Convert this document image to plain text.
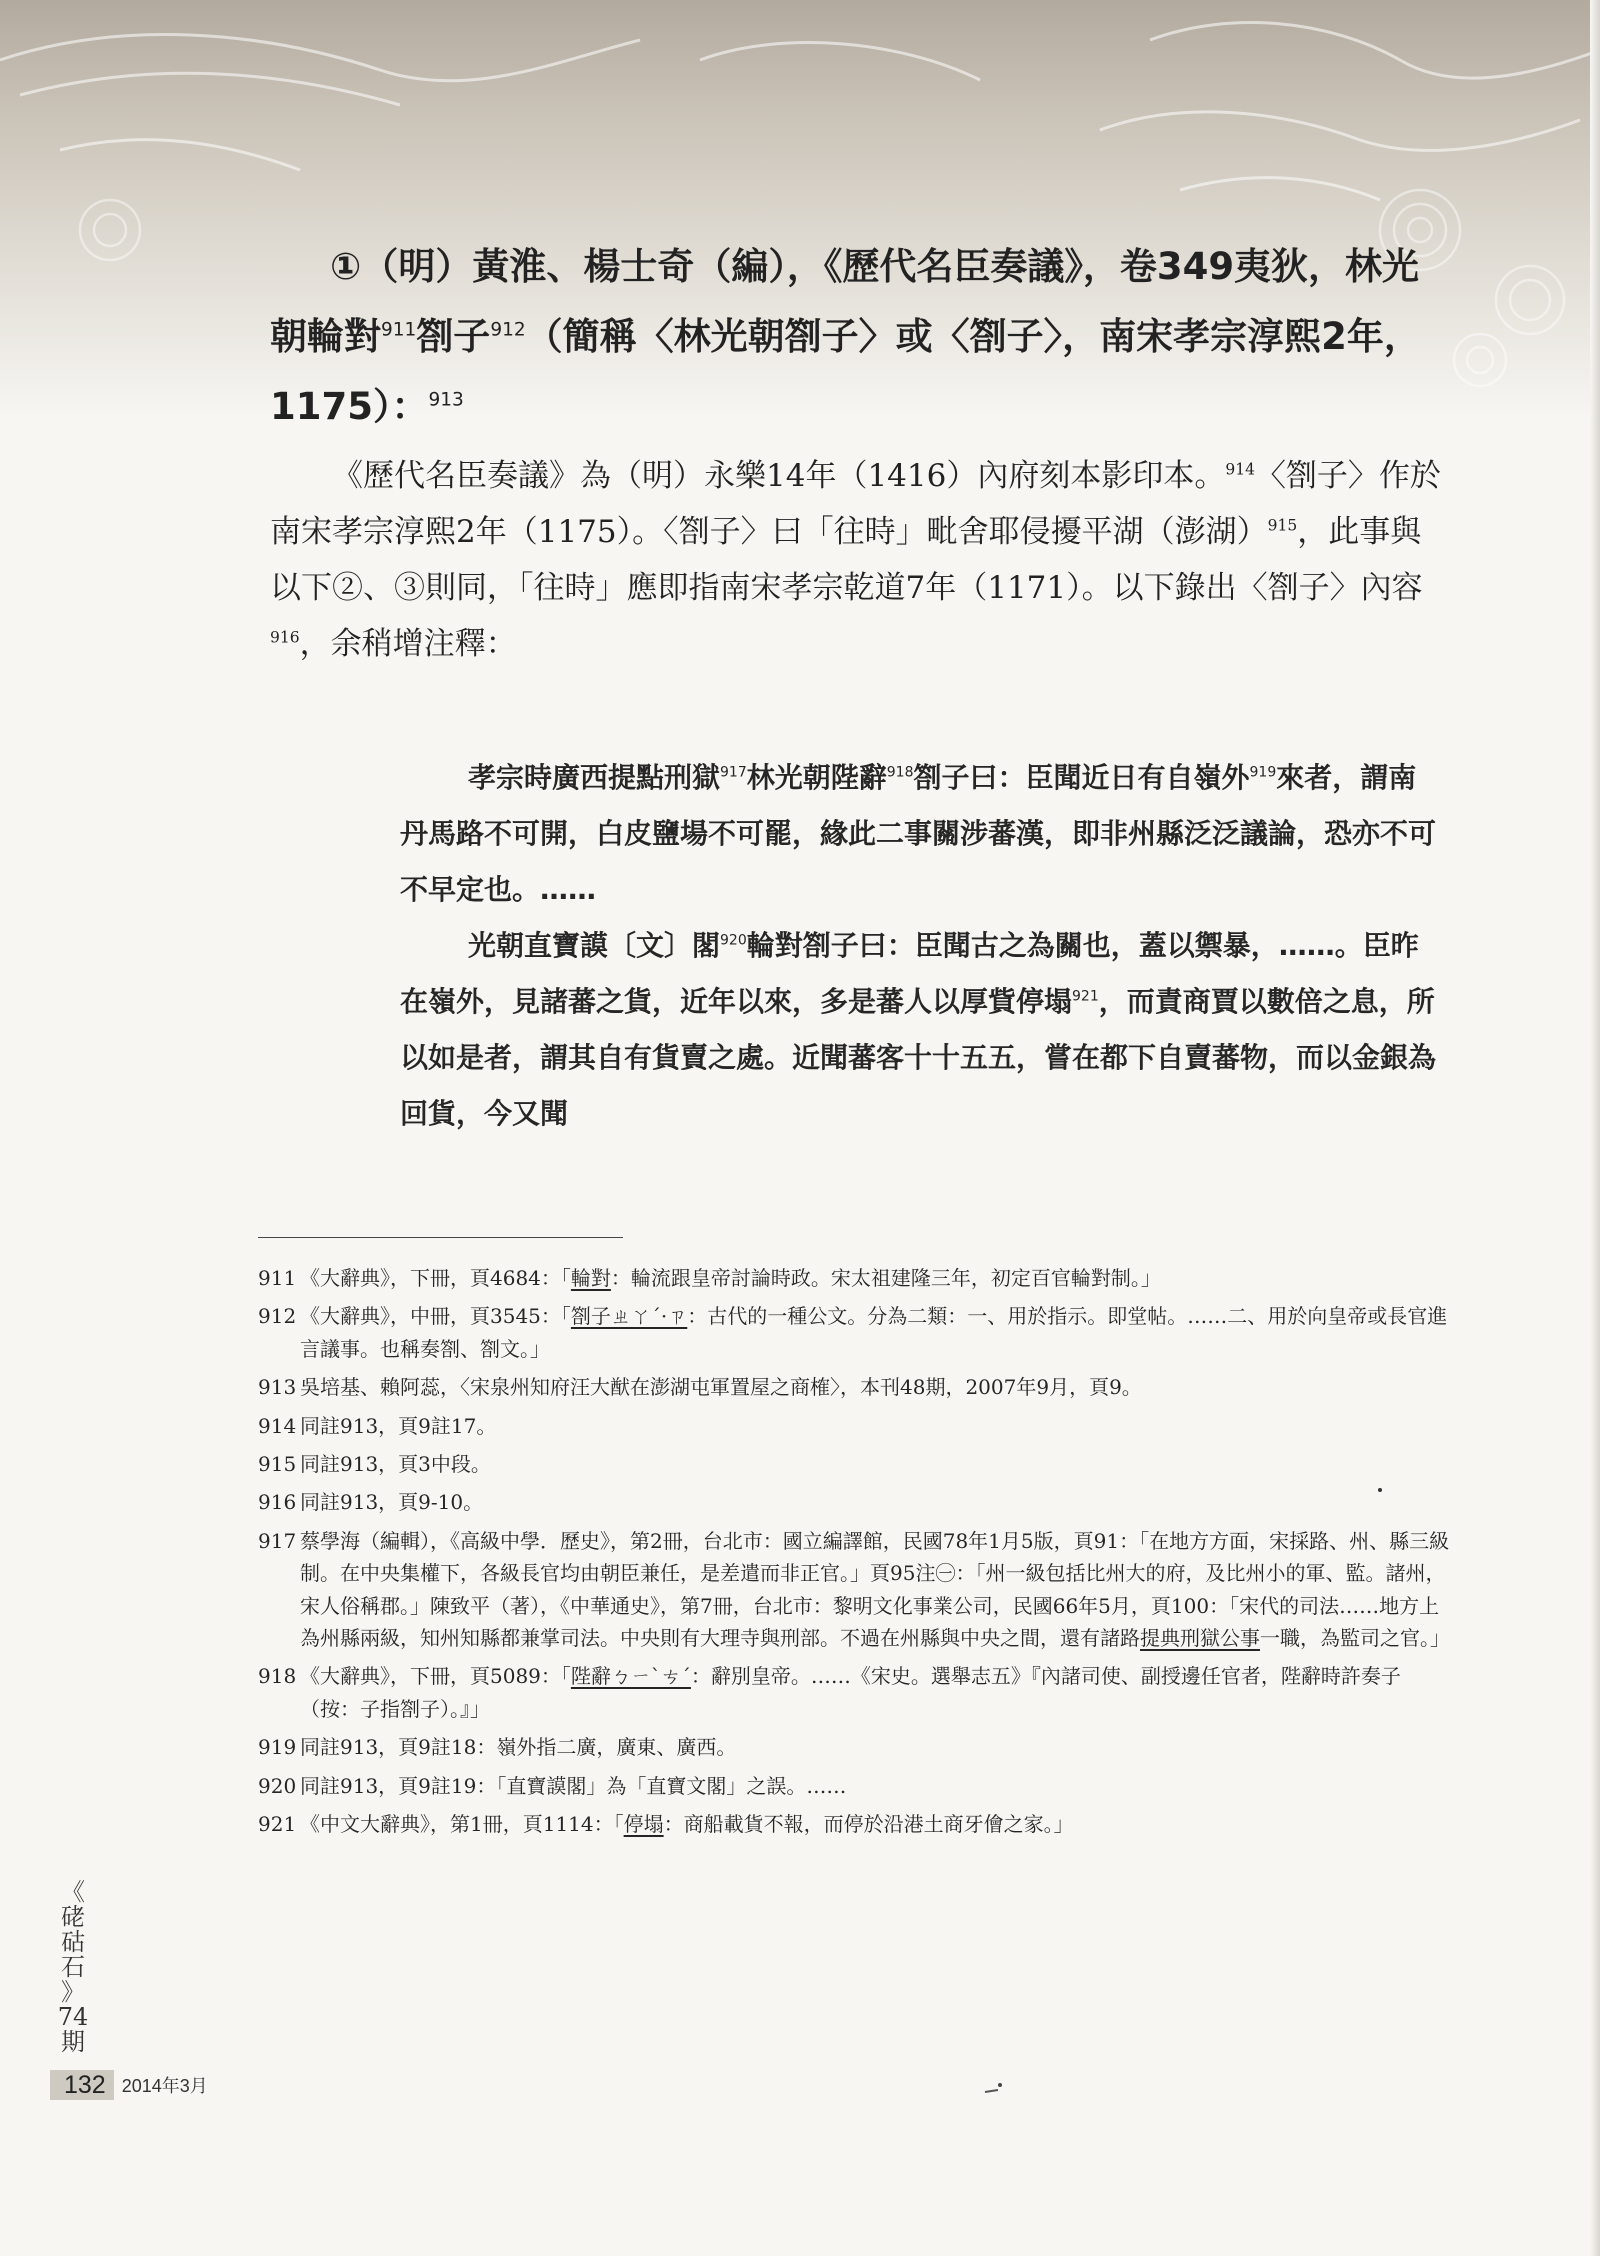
①（明）黃淮、楊士奇（編），《歷代名臣奏議》，卷349夷狄，林光朝輪對$^{911}$劄子$^{912}$（簡稱〈林光朝劄子〉或〈劄子〉，南宋孝宗淳熙2年，1175）：$^{913}$

《歷代名臣奏議》為（明）永樂14年（1416）內府刻本影印本。$^{914}$〈劄子〉作於南宋孝宗淳熙2年（1175）。〈劄子〉曰「往時」毗舍耶侵擾平湖（澎湖）$^{915}$，此事與以下②、③則同，「往時」應即指南宋孝宗乾道7年（1171）。以下錄出〈劄子〉內容$^{916}$，余稍增注釋：

孝宗時廣西提點刑獄$^{917}$林光朝陛辭$^{918}$劄子曰：臣聞近日有自嶺外$^{919}$來者，謂南丹馬路不可開，白皮鹽場不可罷，緣此二事關涉蕃漢，即非州縣泛泛議論，恐亦不可不早定也。……

光朝直寶謨〔文〕閣$^{920}$輪對劄子曰：臣聞古之為關也，蓋以禦暴，……。臣昨在嶺外，見諸蕃之貨，近年以來，多是蕃人以厚貲停塌$^{921}$，而責商賈以數倍之息，所以如是者，謂其自有貨賣之處。近聞蕃客十十五五，嘗在都下自賣蕃物，而以金銀為回貨，今又聞

911 《大辭典》，下冊，頁4684：「輪對：輪流跟皇帝討論時政。宋太祖建隆三年，初定百官輪對制。」
912 《大辭典》，中冊，頁3545：「劄子ㄓㄚˊ·ㄗ：古代的一種公文。分為二類：一、用於指示。即堂帖。……二、用於向皇帝或長官進言議事。也稱奏劄、劄文。」
913 吳培基、賴阿蕊，〈宋泉州知府汪大猷在澎湖屯軍置屋之商榷〉，本刊48期，2007年9月，頁9。
914 同註913，頁9註17。
915 同註913，頁3中段。
916 同註913，頁9-10。
917 蔡學海（編輯），《高級中學．歷史》，第2冊，台北市：國立編譯館，民國78年1月5版，頁91：「在地方方面，宋採路、州、縣三級制。在中央集權下，各級長官均由朝臣兼任，是差遣而非正官。」頁95注㊀：「州一級包括比州大的府，及比州小的軍、監。諸州，宋人俗稱郡。」陳致平（著），《中華通史》，第7冊，台北市：黎明文化事業公司，民國66年5月，頁100：「宋代的司法……地方上為州縣兩級，知州知縣都兼掌司法。中央則有大理寺與刑部。不過在州縣與中央之間，還有諸路提典刑獄公事一職，為監司之官。」
918 《大辭典》，下冊，頁5089：「陛辭ㄅㄧˋㄘˊ：辭別皇帝。……《宋史。選舉志五》『內諸司使、副授邊任官者，陛辭時許奏子（按：子指劄子）。』」
919 同註913，頁9註18：嶺外指二廣，廣東、廣西。
920 同註913，頁9註19：「直寶謨閣」為「直寶文閣」之誤。……
921 《中文大辭典》，第1冊，頁1114：「停塌：商船載貨不報，而停於沿港土商牙儈之家。」
《
硓
𥑮
石
》
74
期
132 2014年3月
